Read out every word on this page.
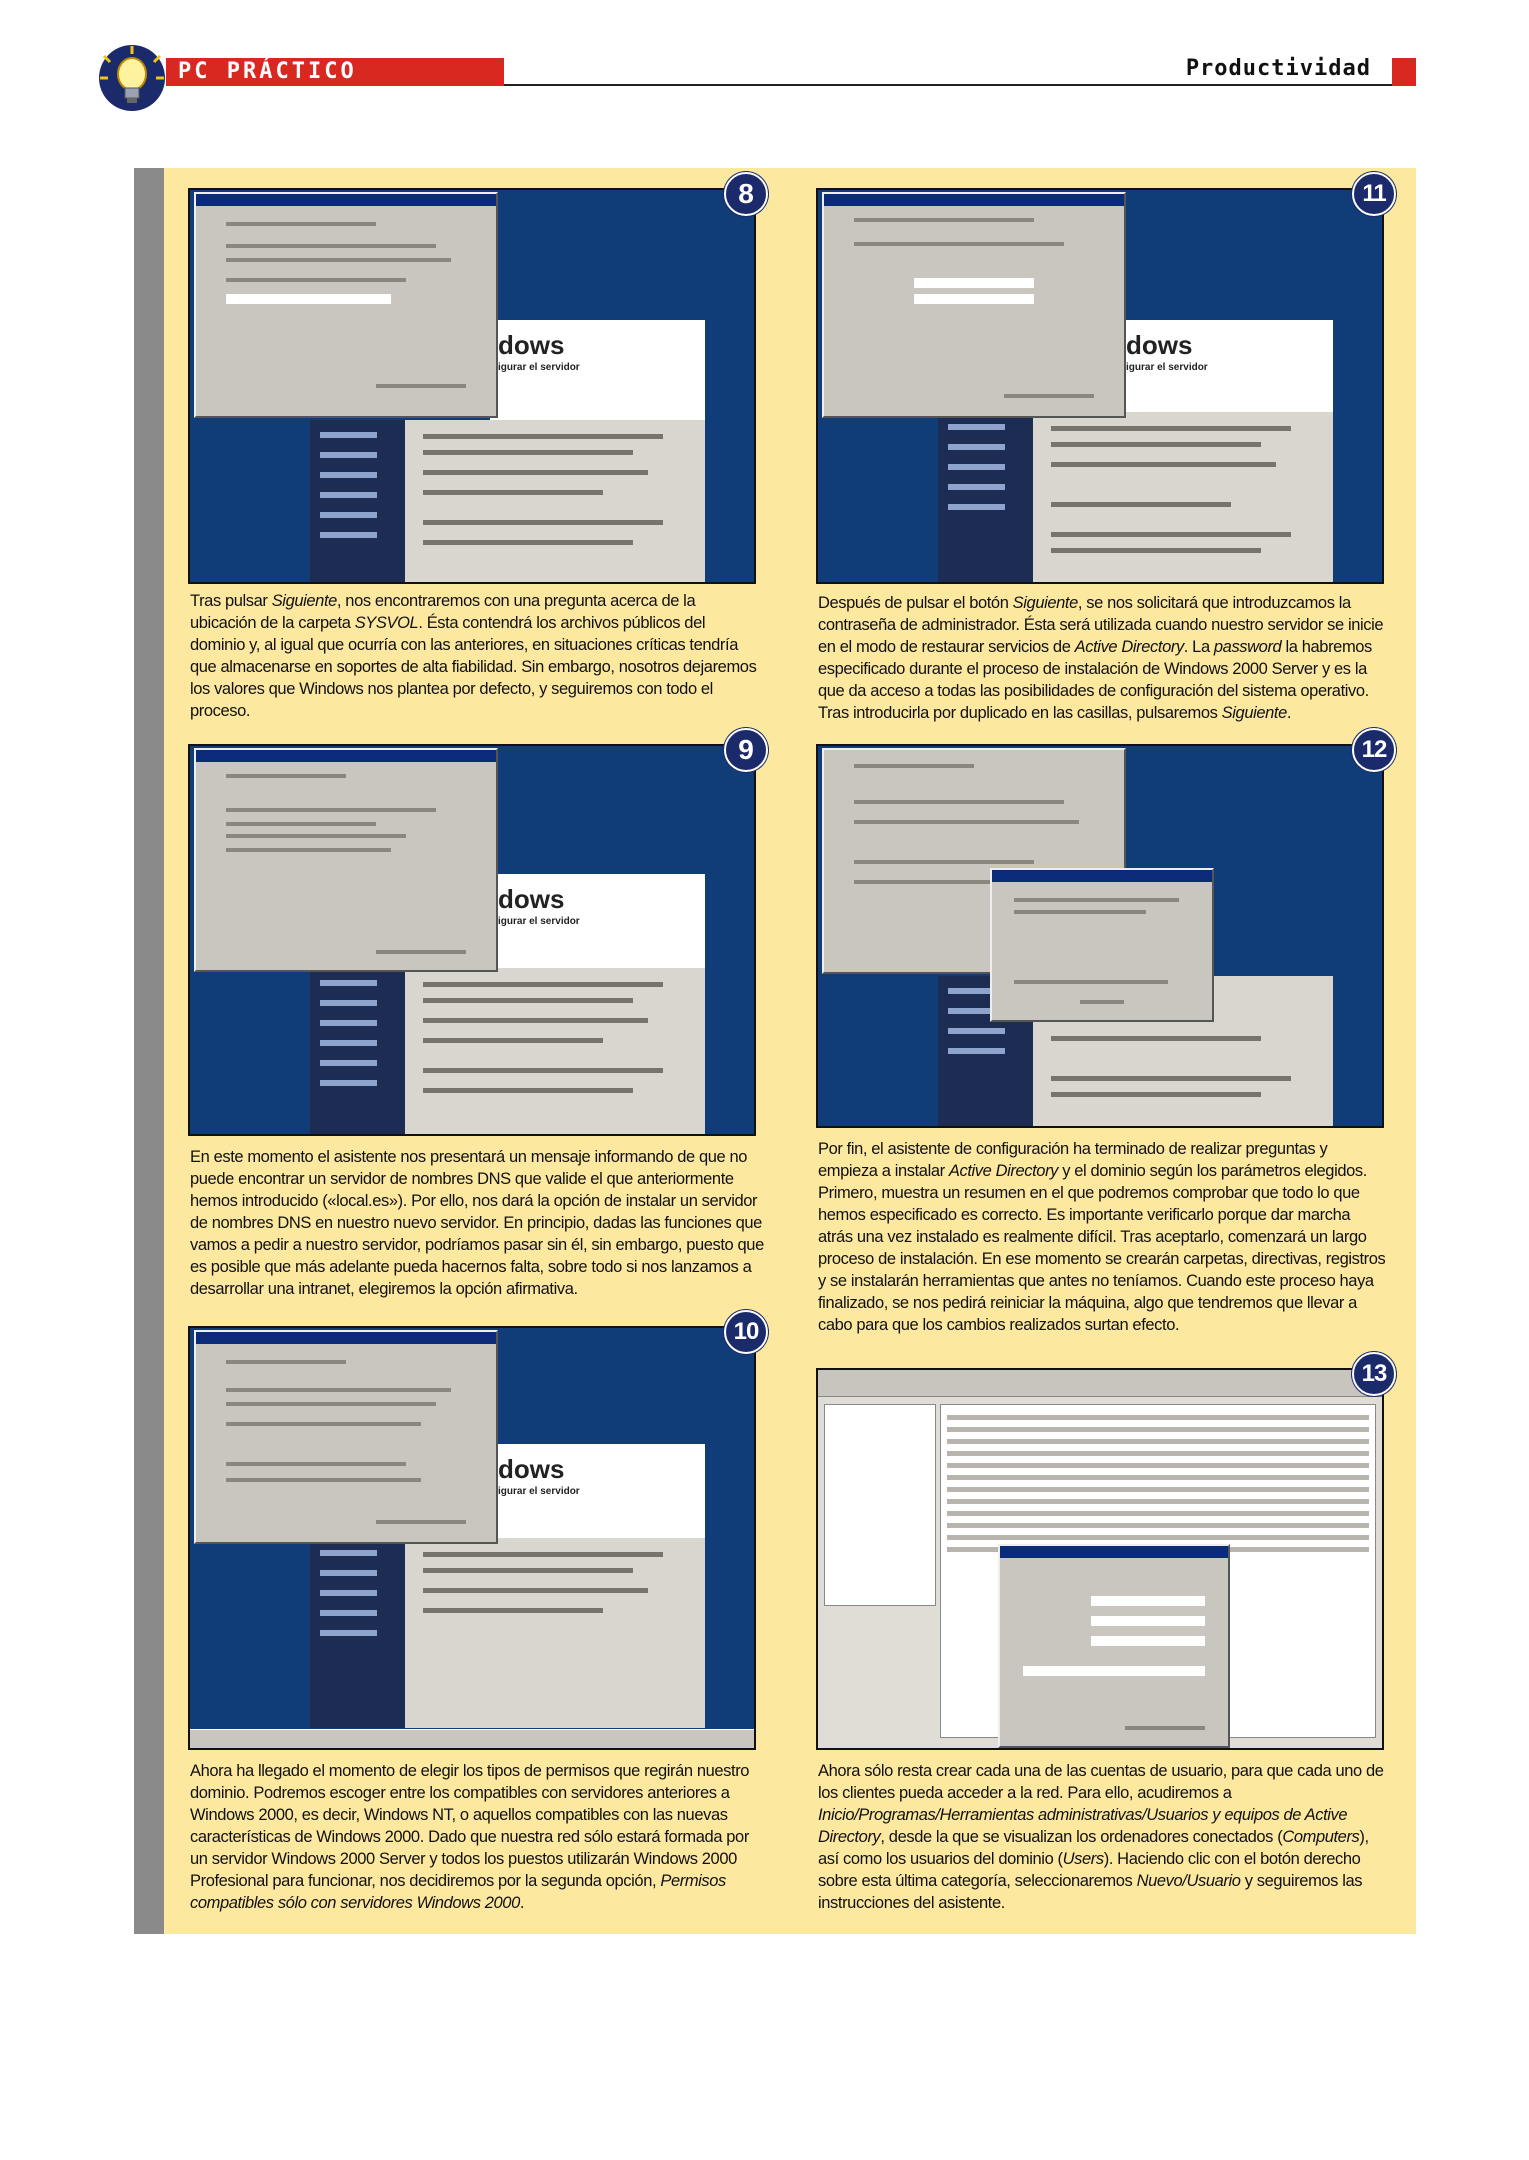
PC PRÁCTICO	Productividad
dows
igurar el servidor
8
Tras pulsar Siguiente, nos encontraremos con una pregunta acerca de la ubicación de la carpeta SYSVOL. Ésta contendrá los archivos públicos del dominio y, al igual que ocurría con las anteriores, en situaciones críticas tendría que almacenarse en soportes de alta fiabilidad. Sin embargo, nosotros dejaremos los valores que Windows nos plantea por defecto, y seguiremos con todo el proceso.
dows
igurar el servidor
9
En este momento el asistente nos presentará un mensaje informando de que no puede encontrar un servidor de nombres DNS que valide el que anteriormente hemos introducido («local.es»). Por ello, nos dará la opción de instalar un servidor de nombres DNS en nuestro nuevo servidor. En principio, dadas las funciones que vamos a pedir a nuestro servidor, podríamos pasar sin él, sin embargo, puesto que es posible que más adelante pueda hacernos falta, sobre todo si nos lanzamos a desarrollar una intranet, elegiremos la opción afirmativa.
dows
igurar el servidor
10
Ahora ha llegado el momento de elegir los tipos de permisos que regirán nuestro dominio. Podremos escoger entre los compatibles con servidores anteriores a Windows 2000, es decir, Windows NT, o aquellos compatibles con las nuevas características de Windows 2000. Dado que nuestra red sólo estará formada por un servidor Windows 2000 Server y todos los puestos utilizarán Windows 2000 Profesional para funcionar, nos decidiremos por la segunda opción, Permisos compatibles sólo con servidores Windows 2000.
dows
igurar el servidor
11
Después de pulsar el botón Siguiente, se nos solicitará que introduzcamos la contraseña de administrador. Ésta será utilizada cuando nuestro servidor se inicie en el modo de restaurar servicios de Active Directory. La password la habremos especificado durante el proceso de instalación de Windows 2000 Server y es la que da acceso a todas las posibilidades de configuración del sistema operativo. Tras introducirla por duplicado en las casillas, pulsaremos Siguiente.
12
Por fin, el asistente de configuración ha terminado de realizar preguntas y empieza a instalar Active Directory y el dominio según los parámetros elegidos. Primero, muestra un resumen en el que podremos comprobar que todo lo que hemos especificado es correcto. Es importante verificarlo porque dar marcha atrás una vez instalado es realmente difícil. Tras aceptarlo, comenzará un largo proceso de instalación. En ese momento se crearán carpetas, directivas, registros y se instalarán herramientas que antes no teníamos. Cuando este proceso haya finalizado, se nos pedirá reiniciar la máquina, algo que tendremos que llevar a cabo para que los cambios realizados surtan efecto.
13
Ahora sólo resta crear cada una de las cuentas de usuario, para que cada uno de los clientes pueda acceder a la red. Para ello, acudiremos a Inicio/Programas/Herramientas administrativas/Usuarios y equipos de Active Directory, desde la que se visualizan los ordenadores conectados (Computers), así como los usuarios del dominio (Users). Haciendo clic con el botón derecho sobre esta última categoría, seleccionaremos Nuevo/Usuario y seguiremos las instrucciones del asistente.
